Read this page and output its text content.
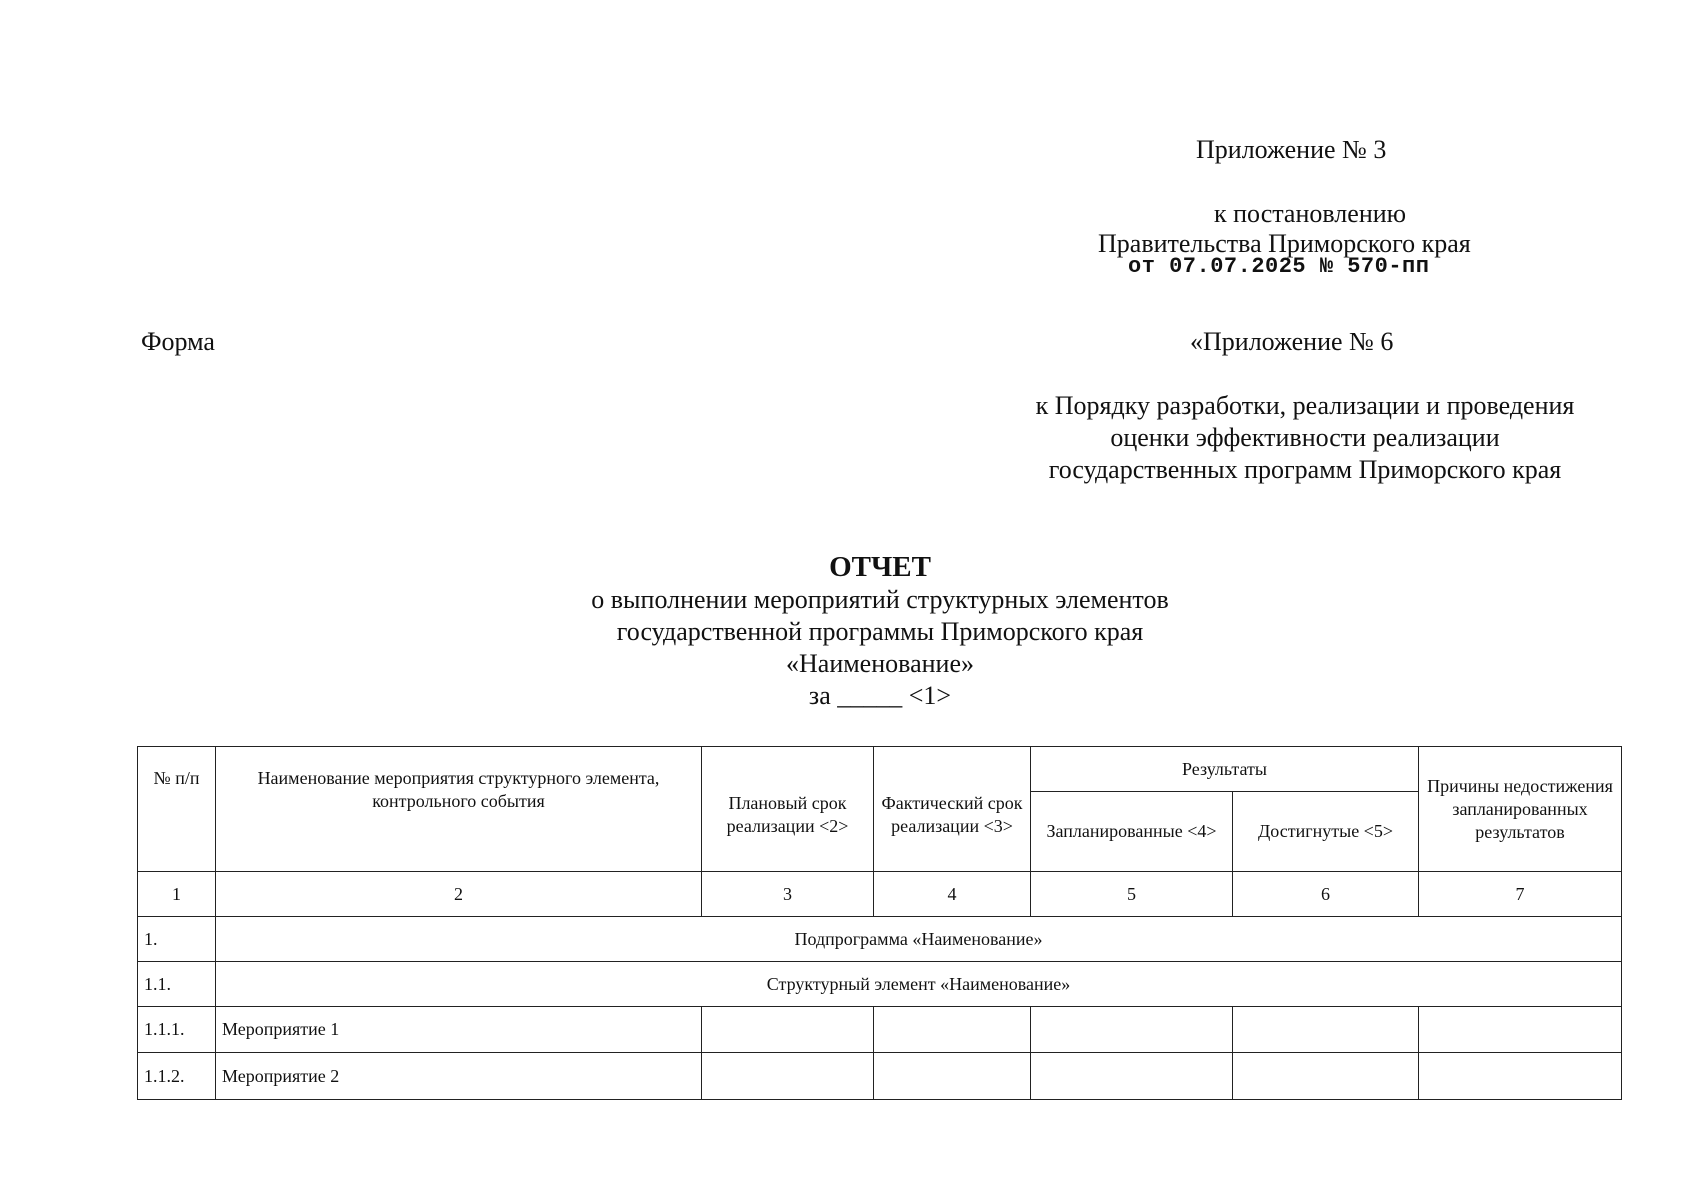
Приложение № 3
к постановлению
Правительства Приморского края
от 07.07.2025 № 570-пп
Форма	«Приложение № 6
к Порядку разработки, реализации и проведения
оценки эффективности реализации
государственных программ Приморского края
ОТЧЕТ
о выполнении мероприятий структурных элементов
государственной программы Приморского края
«Наименование»
за _____ <1>
№ п/п	Наименование мероприятия структурного элемента, контрольного события	Плановый срок реализации <2>	Фактический срок реализации <3>	Результаты		Причины недостижения запланированных результатов
				Запланированные <4>	Достигнутые <5>	
1	2	3	4	5	6	7
1.	Подпрограмма «Наименование»					
1.1.	Структурный элемент «Наименование»					
1.1.1.	Мероприятие 1					
1.1.2.	Мероприятие 2					
